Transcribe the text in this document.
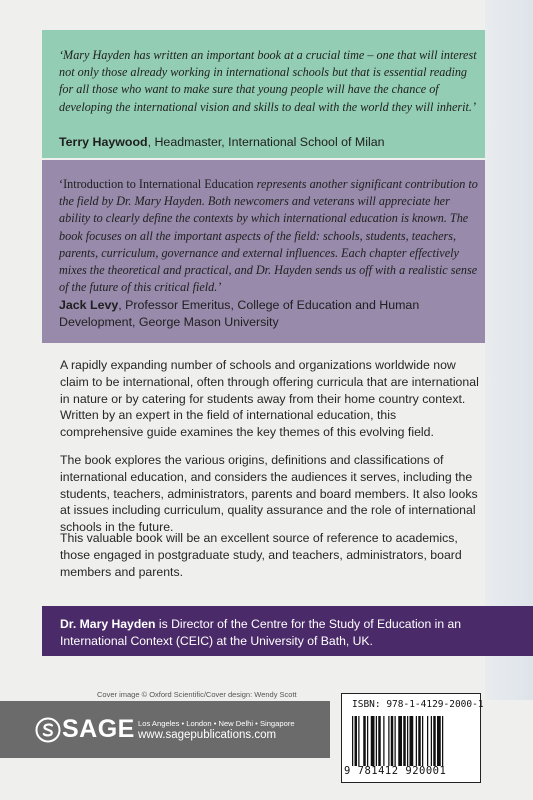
‘Mary Hayden has written an important book at a crucial time – one that will interest not only those already working in international schools but that is essential reading for all those who want to make sure that young people will have the chance of developing the international vision and skills to deal with the world they will inherit.’

Terry Haywood, Headmaster, International School of Milan

‘Introduction to International Education represents another significant contribution to the field by Dr. Mary Hayden. Both newcomers and veterans will appreciate her ability to clearly define the contexts by which international education is known. The book focuses on all the important aspects of the field: schools, students, teachers, parents, curriculum, governance and external influences. Each chapter effectively mixes the theoretical and practical, and Dr. Hayden sends us off with a realistic sense of the future of this critical field.’

Jack Levy, Professor Emeritus, College of Education and Human Development, George Mason University

A rapidly expanding number of schools and organizations worldwide now claim to be international, often through offering curricula that are international in nature or by catering for students away from their home country context. Written by an expert in the field of international education, this comprehensive guide examines the key themes of this evolving field.

The book explores the various origins, definitions and classifications of international education, and considers the audiences it serves, including the students, teachers, administrators, parents and board members. It also looks at issues including curriculum, quality assurance and the role of international schools in the future.

This valuable book will be an excellent source of reference to academics, those engaged in postgraduate study, and teachers, administrators, board members and parents.

Dr. Mary Hayden is Director of the Centre for the Study of Education in an International Context (CEIC) at the University of Bath, UK.

Cover image © Oxford Scientific/Cover design: Wendy Scott

SAGE Los Angeles • London • New Delhi • Singapore

www.sagepublications.com

ISBN: 978-1-4129-2000-1

9 781412 920001
